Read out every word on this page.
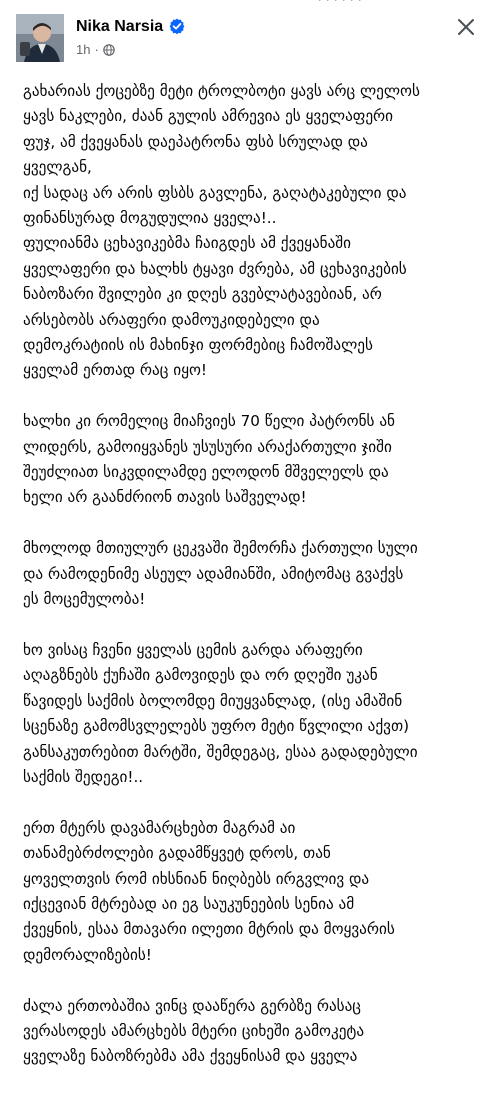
· · · · · ·
Nika Narsia
1h ·

გახარიას ქოცებზე მეტი ტროლბოტი ყავს არც ლელოს
ყავს ნაკლები, ძაან გულის ამრევია ეს ყველაფერი
ფუჯ, ამ ქვეყანას დაეპატრონა ფსბ სრულად და
ყველგან,
იქ სადაც არ არის ფსბს გავლენა, გაღატაკებული და
ფინანსურად მოგუდულია ყველა!..
ფულიანმა ცეხავიკებმა ჩაიგდეს ამ ქვეყანაში
ყველაფერი და ხალხს ტყავი ძვრება, ამ ცეხავიკების
ნაბოზარი შვილები კი დღეს გვებლატავებიან, არ
არსებობს არაფერი დამოუკიდებელი და
დემოკრატიის ის მახინჯი ფორმებიც ჩამოშალეს
ყველამ ერთად რაც იყო!

ხალხი კი რომელიც მიაჩვიეს 70 წელი პატრონს ან
ლიდერს, გამოიყვანეს უსუსური არაქართული ჯიში
შეუძლიათ სიკვდილამდე ელოდონ მშველელს და
ხელი არ გაანძრიონ თავის საშველად!

მხოლოდ მთიულურ ცეკვაში შემორჩა ქართული სული
და რამოდენიმე ასეულ ადამიანში, ამიტომაც გვაქვს
ეს მოცემულობა!

ხო ვისაც ჩვენი ყველას ცემის გარდა არაფერი
აღაგზნებს ქუჩაში გამოვიდეს და ორ დღეში უკან
წავიდეს საქმის ბოლომდე მიუყვანლად, (ისე ამაშინ
სცენაზე გამომსვლელებს უფრო მეტი წვლილი აქვთ)
განსაკუთრებით მარტში, შემდეგაც, ესაა გადადებული
საქმის შედეგი!..

ერთ მტერს დავამარცხებთ მაგრამ აი
თანამებრძოლები გადამწყვეტ დროს, თან
ყოველთვის რომ იხსნიან ნიღბებს ირგვლივ და
იქცევიან მტრებად აი ეგ საუკუნეების სენია ამ
ქვეყნის, ესაა მთავარი ილეთი მტრის და მოყვარის
დემორალიზების!

ძალა ერთობაშია ვინც დააწერა გერბზე რასაც
ვერასოდეს ამარცხებს მტერი ციხეში გამოკეტა
ყველაზე ნაბოზრებმა ამა ქვეყნისამ და ყველა
